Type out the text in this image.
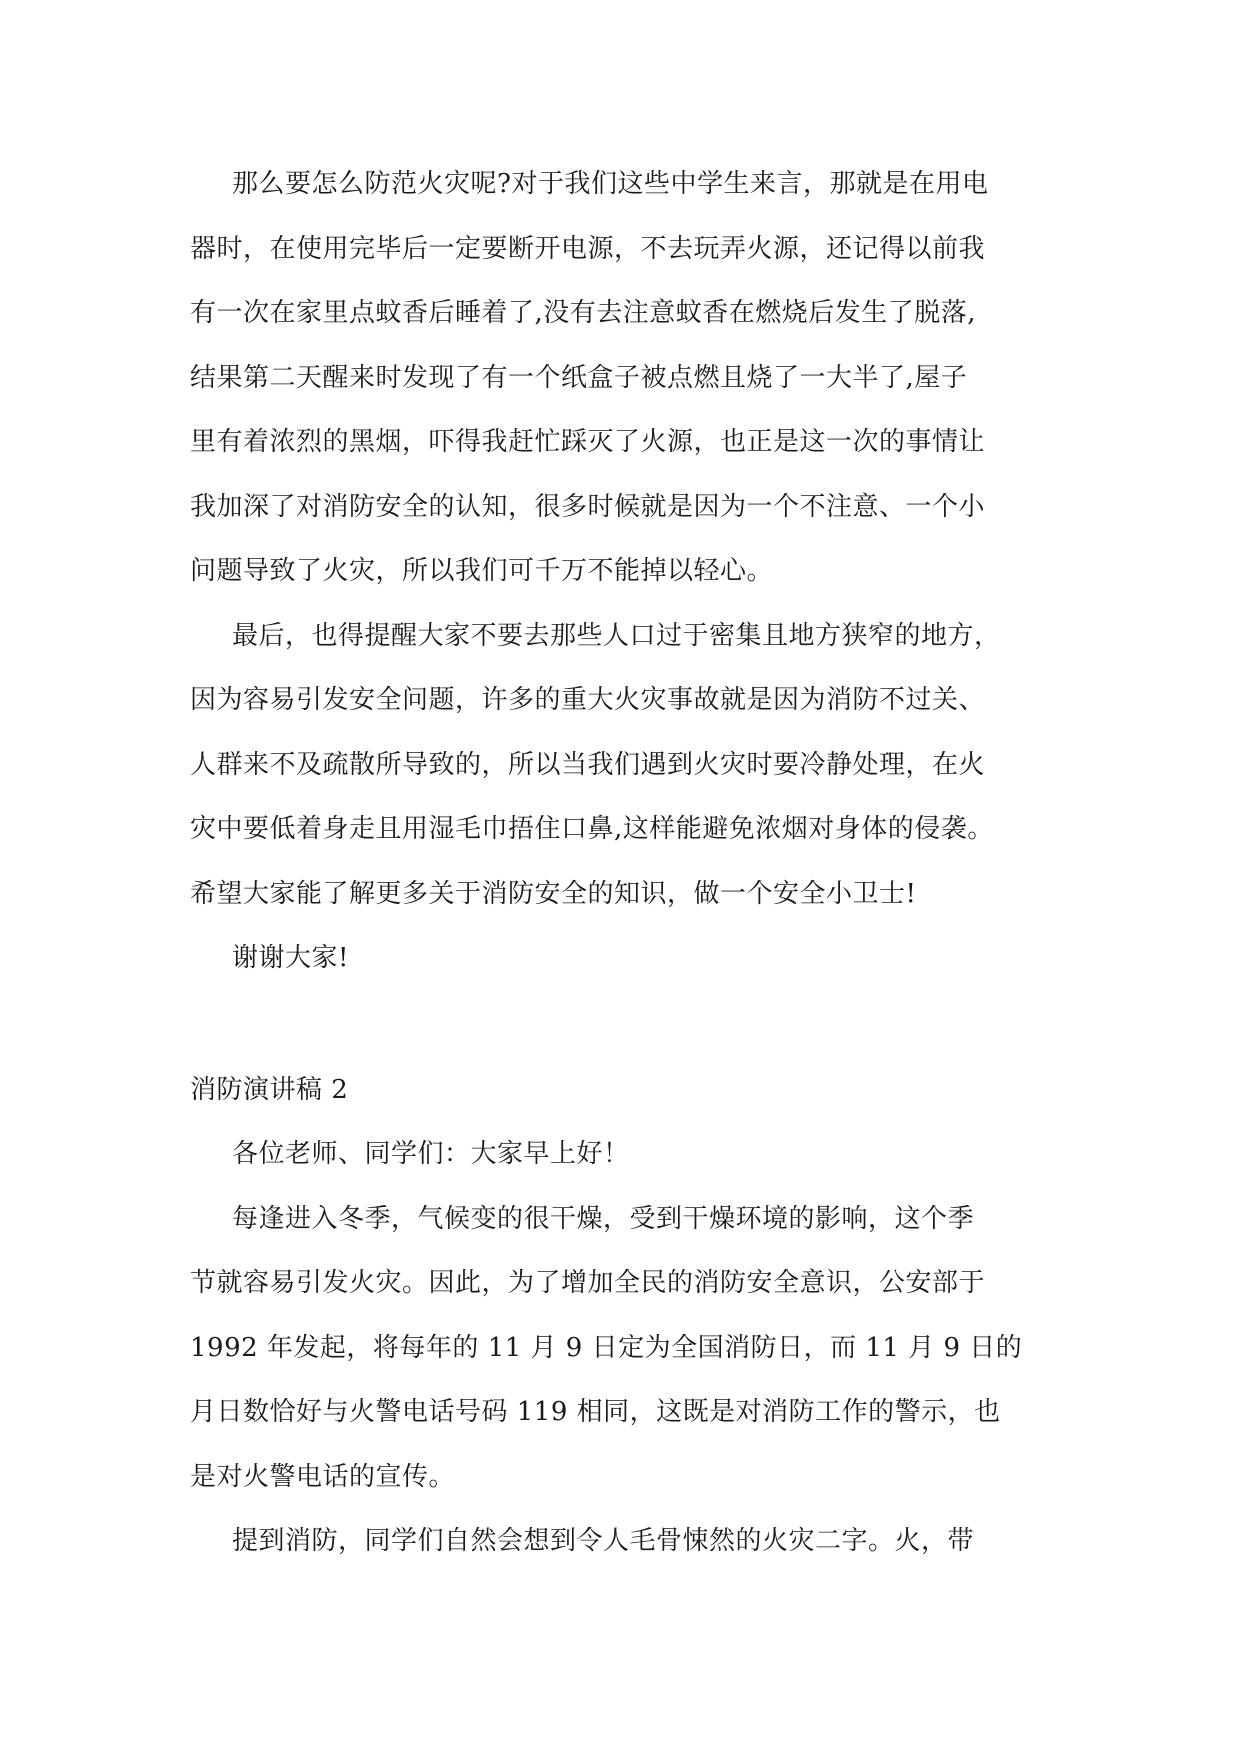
那么要怎么防范火灾呢?对于我们这些中学生来言，那就是在用电
器时，在使用完毕后一定要断开电源，不去玩弄火源，还记得以前我
有一次在家里点蚊香后睡着了,没有去注意蚊香在燃烧后发生了脱落,
结果第二天醒来时发现了有一个纸盒子被点燃且烧了一大半了,屋子
里有着浓烈的黑烟，吓得我赶忙踩灭了火源，也正是这一次的事情让
我加深了对消防安全的认知，很多时候就是因为一个不注意、一个小
问题导致了火灾，所以我们可千万不能掉以轻心。
最后，也得提醒大家不要去那些人口过于密集且地方狭窄的地方，
因为容易引发安全问题，许多的重大火灾事故就是因为消防不过关、
人群来不及疏散所导致的，所以当我们遇到火灾时要冷静处理，在火
灾中要低着身走且用湿毛巾捂住口鼻,这样能避免浓烟对身体的侵袭。
希望大家能了解更多关于消防安全的知识，做一个安全小卫士!
谢谢大家!
消防演讲稿 2
各位老师、同学们：大家早上好！
每逢进入冬季，气候变的很干燥，受到干燥环境的影响，这个季
节就容易引发火灾。因此，为了增加全民的消防安全意识，公安部于
1992 年发起，将每年的 11 月 9 日定为全国消防日，而 11 月 9 日的
月日数恰好与火警电话号码 119 相同，这既是对消防工作的警示，也
是对火警电话的宣传。
提到消防，同学们自然会想到令人毛骨悚然的火灾二字。火，带
